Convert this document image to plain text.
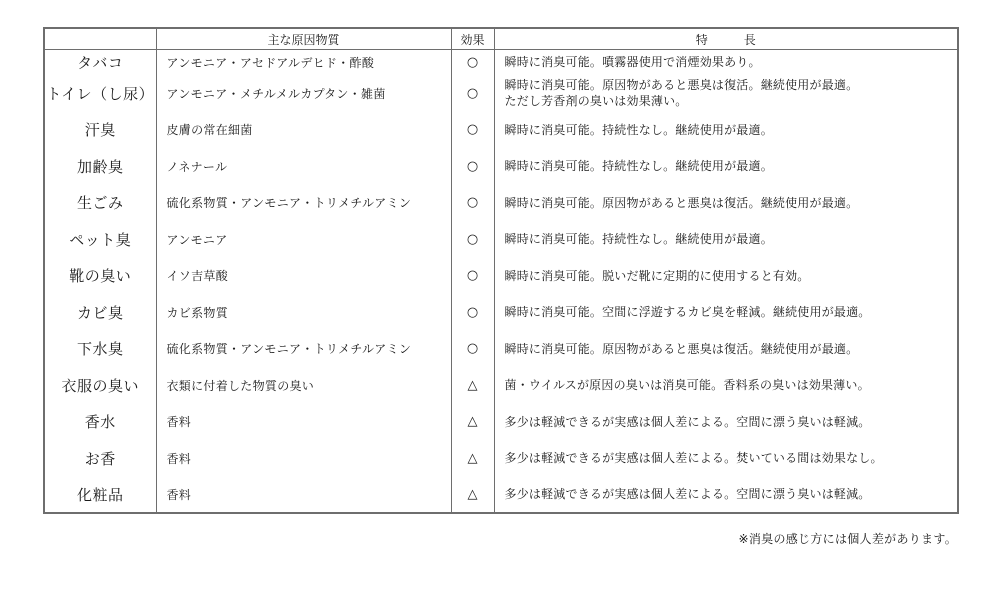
	主な原因物質	効果	特　　　長
タバコ	アンモニア・アセドアルデヒド・酢酸	○	瞬時に消臭可能。噴霧器使用で消煙効果あり。

トイレ（し尿）	アンモニア・メチルメルカプタン・雑菌	○	瞬時に消臭可能。原因物があると悪臭は復活。継続使用が最適。
ただし芳香剤の臭いは効果薄い。

汗臭	皮膚の常在細菌	○	瞬時に消臭可能。持続性なし。継続使用が最適。

加齢臭	ノネナール	○	瞬時に消臭可能。持続性なし。継続使用が最適。

生ごみ	硫化系物質・アンモニア・トリメチルアミン	○	瞬時に消臭可能。原因物があると悪臭は復活。継続使用が最適。

ペット臭	アンモニア	○	瞬時に消臭可能。持続性なし。継続使用が最適。

靴の臭い	イソ吉草酸	○	瞬時に消臭可能。脱いだ靴に定期的に使用すると有効。

カビ臭	カビ系物質	○	瞬時に消臭可能。空間に浮遊するカビ臭を軽減。継続使用が最適。

下水臭	硫化系物質・アンモニア・トリメチルアミン	○	瞬時に消臭可能。原因物があると悪臭は復活。継続使用が最適。

衣服の臭い	衣類に付着した物質の臭い	△	菌・ウイルスが原因の臭いは消臭可能。香料系の臭いは効果薄い。

香水	香料	△	多少は軽減できるが実感は個人差による。空間に漂う臭いは軽減。

お香	香料	△	多少は軽減できるが実感は個人差による。焚いている間は効果なし。

化粧品	香料	△	多少は軽減できるが実感は個人差による。空間に漂う臭いは軽減。
※消臭の感じ方には個人差があります。
